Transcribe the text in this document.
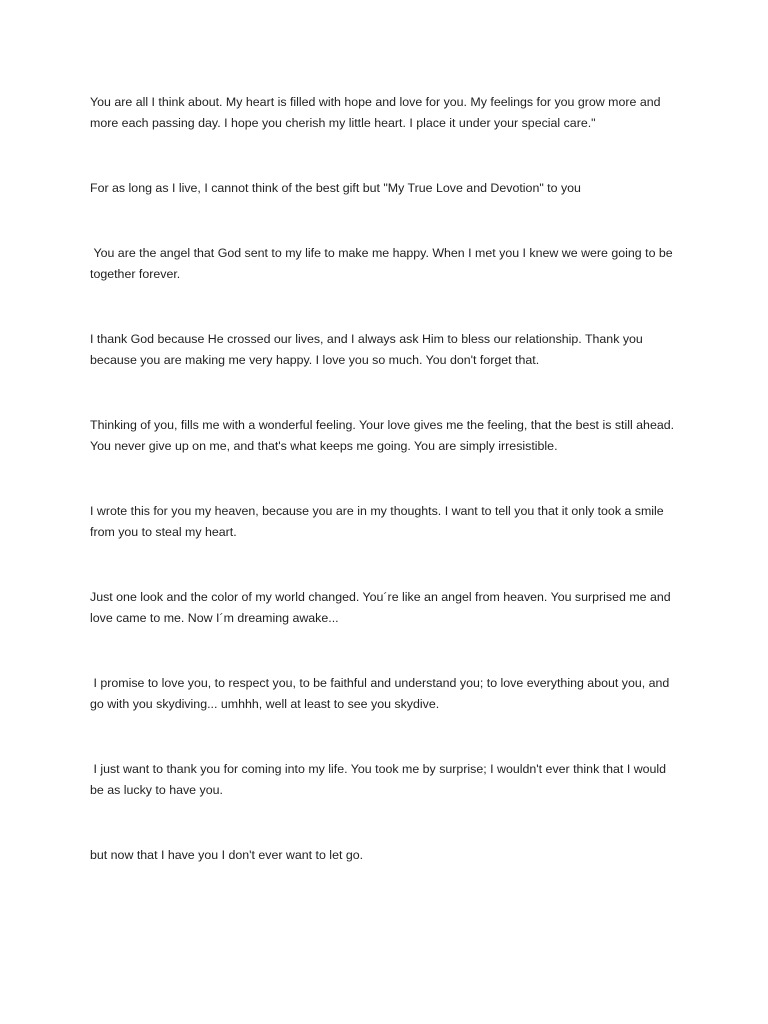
You are all I think about. My heart is filled with hope and love for you. My feelings for you grow more and more each passing day. I hope you cherish my little heart. I place it under your special care."

For as long as I live, I cannot think of the best gift but "My True Love and Devotion" to you

You are the angel that God sent to my life to make me happy. When I met you I knew we were going to be together forever.

I thank God because He crossed our lives, and I always ask Him to bless our relationship. Thank you because you are making me very happy. I love you so much. You don't forget that.

Thinking of you, fills me with a wonderful feeling. Your love gives me the feeling, that the best is still ahead. You never give up on me, and that's what keeps me going. You are simply irresistible.

I wrote this for you my heaven, because you are in my thoughts. I want to tell you that it only took a smile from you to steal my heart.

Just one look and the color of my world changed. You´re like an angel from heaven. You surprised me and love came to me. Now I´m dreaming awake...

I promise to love you, to respect you, to be faithful and understand you; to love everything about you, and go with you skydiving... umhhh, well at least to see you skydive.

I just want to thank you for coming into my life. You took me by surprise; I wouldn't ever think that I would be as lucky to have you.

but now that I have you I don't ever want to let go.
